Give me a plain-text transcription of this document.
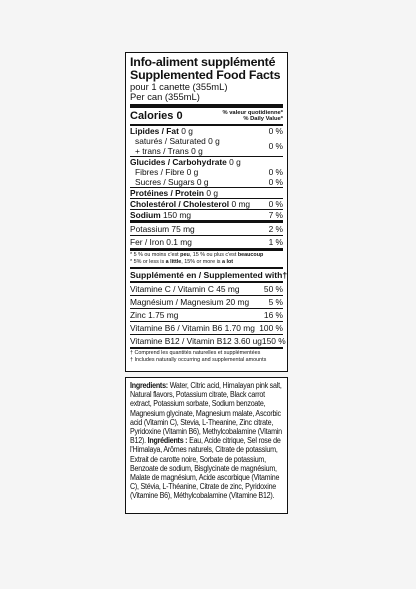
Info-aliment supplémenté
Supplemented Food Facts
pour 1 canette (355mL)
Per can (355mL)
Calories 0	% valeur quotidienne*
% Daily Value*
Lipides / Fat 0 g	0 %
saturés / Saturated 0 g
+ trans / Trans 0 g	0 %
Glucides / Carbohydrate 0 g
Fibres / Fibre 0 g	0 %
Sucres / Sugars 0 g	0 %
Protéines / Protein 0 g
Cholestérol / Cholesterol 0 mg 0 %
Sodium 150 mg	7 %
Potassium 75 mg	2 %
Fer / Iron 0.1 mg	1 %
* 5 % ou moins c'est peu, 15 % ou plus c'est beaucoup
* 5% or less is a little, 15% or more is a lot
Supplémenté en / Supplemented with†
Vitamine C / Vitamin C 45 mg	50 %
Magnésium / Magnesium 20 mg 5 %
Zinc 1.75 mg	16 %
Vitamine B6 / Vitamin B6 1.70 mg 100 %
Vitamine B12 / Vitamin B12 3.60 ug 150 %
† Comprend les quantités naturelles et supplémentées
† Includes naturally occurring and supplemental amounts
Ingredients: Water, Citric acid, Himalayan pink salt, Natural flavors, Potassium citrate, Black carrot extract, Potassium sorbate, Sodium benzoate, Magnesium glycinate, Magnesium malate, Ascorbic acid (Vitamin C), Stevia, L-Theanine, Zinc citrate, Pyridoxine (Vitamin B6), Methylcobalamine (Vitamin B12). Ingrédients : Eau, Acide citrique, Sel rose de l'Himalaya, Arômes naturels, Citrate de potassium, Extrait de carotte noire, Sorbate de potassium, Benzoate de sodium, Bisglycinate de magnésium, Malate de magnésium, Acide ascorbique (Vitamine C), Stévia, L-Théanine, Citrate de zinc, Pyridoxine (Vitamine B6), Méthylcobalamine (Vitamine B12).
